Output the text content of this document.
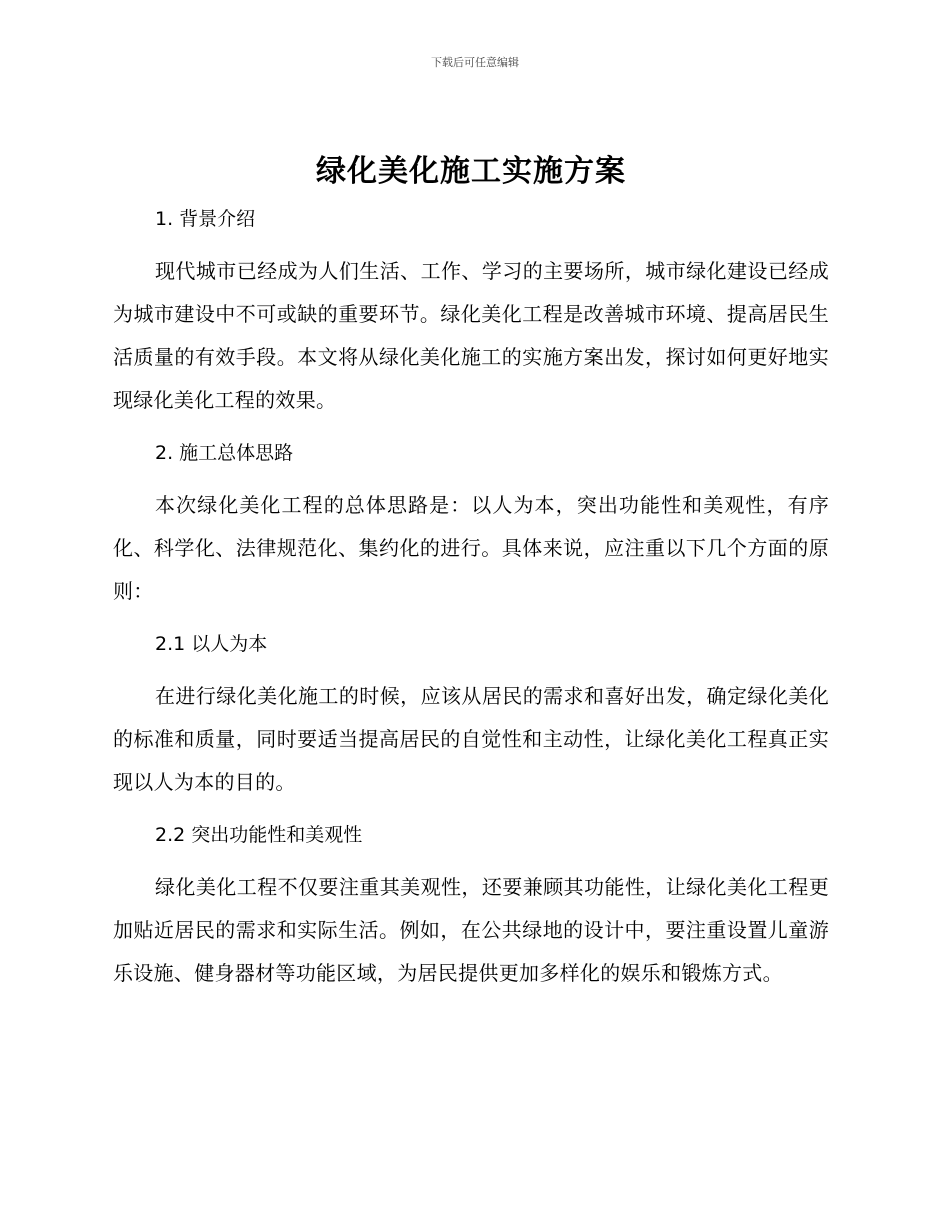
下载后可任意编辑
绿化美化施工实施方案
1. 背景介绍

现代城市已经成为人们生活、工作、学习的主要场所，城市绿化建设已经成为城市建设中不可或缺的重要环节。绿化美化工程是改善城市环境、提高居民生活质量的有效手段。本文将从绿化美化施工的实施方案出发，探讨如何更好地实现绿化美化工程的效果。

2. 施工总体思路

本次绿化美化工程的总体思路是：以人为本，突出功能性和美观性，有序化、科学化、法律规范化、集约化的进行。具体来说，应注重以下几个方面的原则：

2.1 以人为本

在进行绿化美化施工的时候，应该从居民的需求和喜好出发，确定绿化美化的标准和质量，同时要适当提高居民的自觉性和主动性，让绿化美化工程真正实现以人为本的目的。

2.2 突出功能性和美观性

绿化美化工程不仅要注重其美观性，还要兼顾其功能性，让绿化美化工程更加贴近居民的需求和实际生活。例如，在公共绿地的设计中，要注重设置儿童游乐设施、健身器材等功能区域，为居民提供更加多样化的娱乐和锻炼方式。
